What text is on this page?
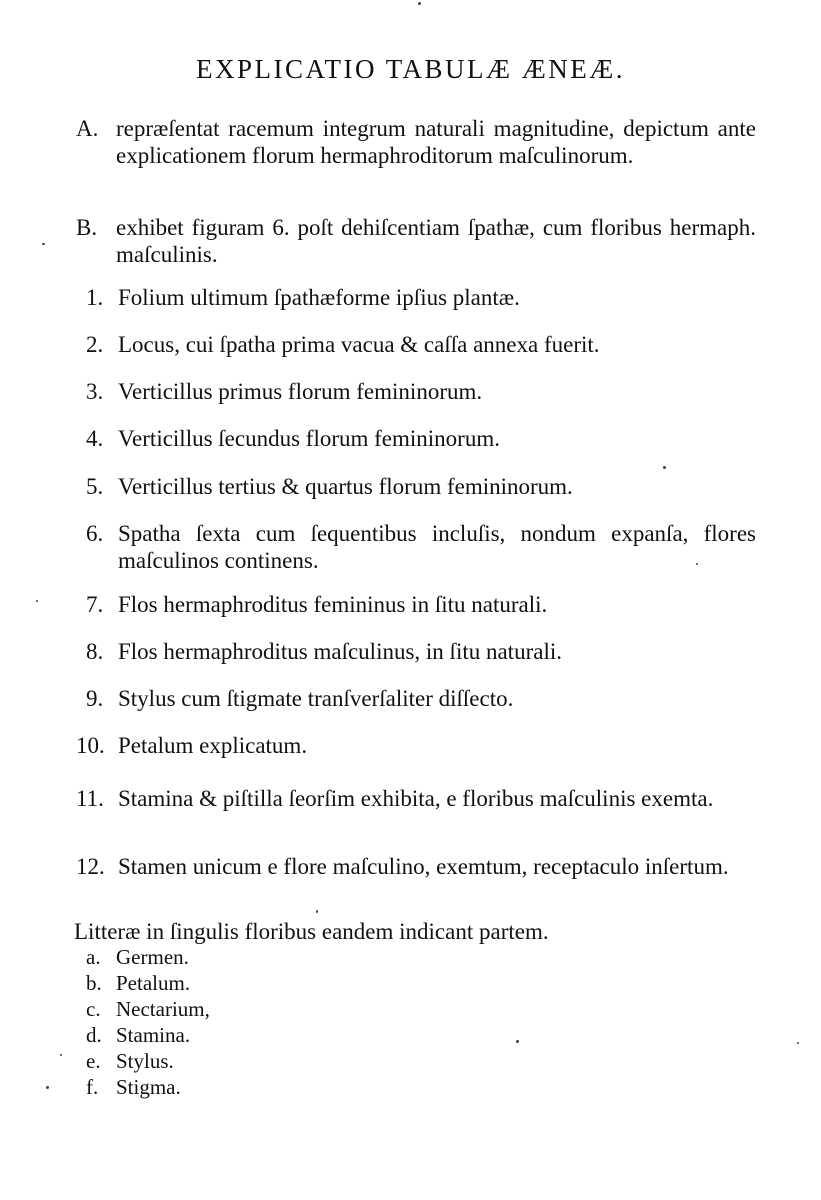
EXPLICATIO TABULÆ ÆNEÆ.
A. repræſentat racemum integrum naturali magnitudine, depictum ante explicationem florum hermaphroditorum maſculinorum.
B. exhibet figuram 6. poſt dehiſcentiam ſpathæ, cum floribus hermaph. maſculinis.
1. Folium ultimum ſpathæforme ipſius plantæ.
2. Locus, cui ſpatha prima vacua & caſſa annexa fuerit.
3. Verticillus primus florum femininorum.
4. Verticillus ſecundus florum femininorum.
5. Verticillus tertius & quartus florum femininorum.
6. Spatha ſexta cum ſequentibus incluſis, nondum expanſa, flores maſculinos continens.
7. Flos hermaphroditus femininus in ſitu naturali.
8. Flos hermaphroditus maſculinus, in ſitu naturali.
9. Stylus cum ſtigmate tranſverſaliter diſſecto.
10. Petalum explicatum.
11. Stamina & piſtilla ſeorſim exhibita, e floribus maſculinis exemta.
12. Stamen unicum e flore maſculino, exemtum, receptaculo inſertum.
Litteræ in ſingulis floribus eandem indicant partem.
a. Germen.
b. Petalum.
c. Nectarium,
d. Stamina.
e. Stylus.
f. Stigma.
